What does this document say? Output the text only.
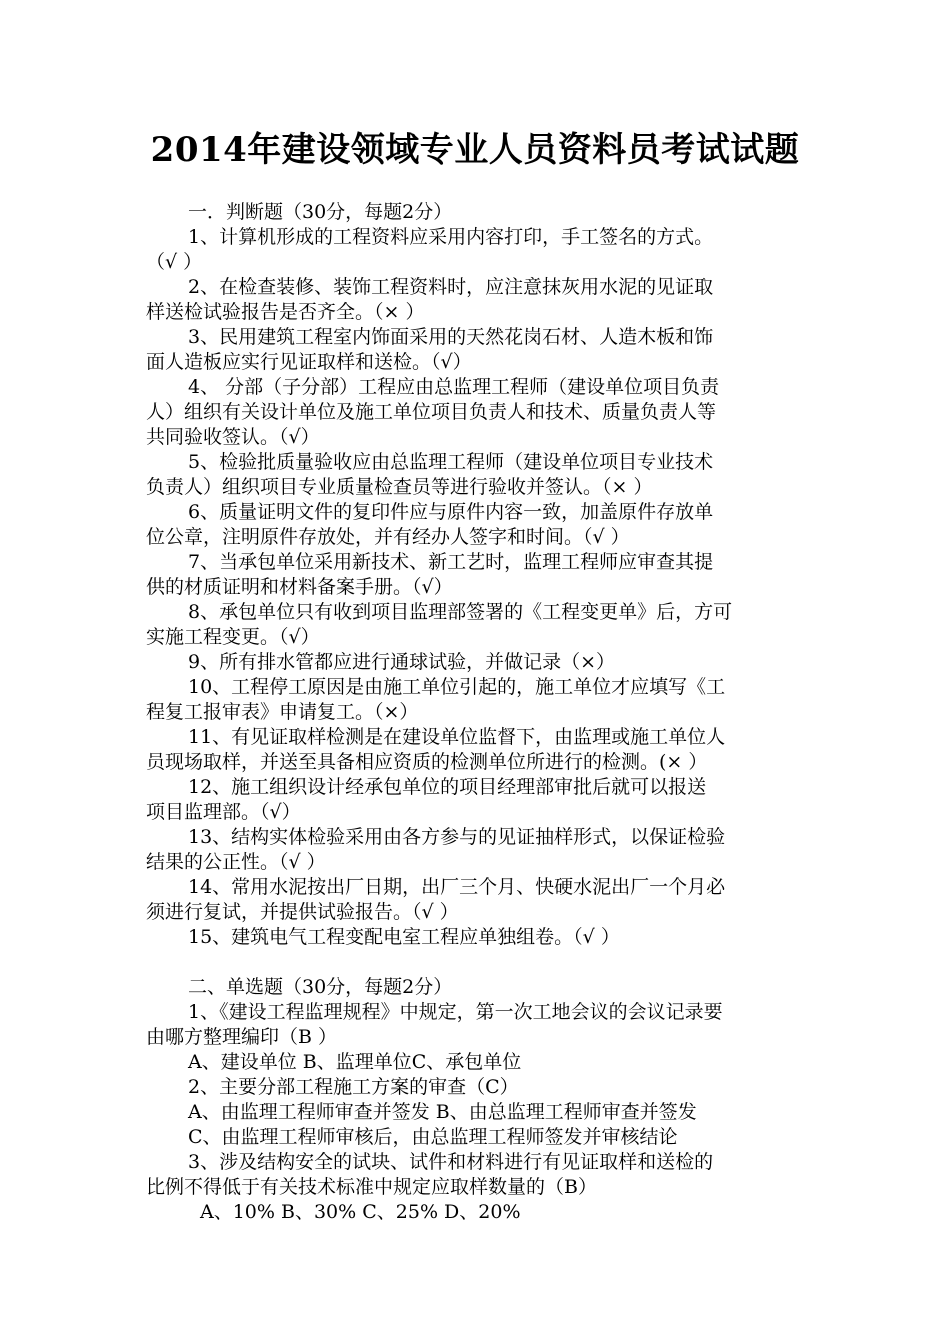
2014年建设领域专业人员资料员考试试题
一．判断题（30分，每题2分）
1、计算机形成的工程资料应采用内容打印，手工签名的方式。
（√ ）
2、在检查装修、装饰工程资料时，应注意抹灰用水泥的见证取
样送检试验报告是否齐全。（× ）
3、民用建筑工程室内饰面采用的天然花岗石材、人造木板和饰
面人造板应实行见证取样和送检。（√）
4、 分部（子分部）工程应由总监理工程师（建设单位项目负责
人）组织有关设计单位及施工单位项目负责人和技术、质量负责人等
共同验收签认。（√）
5、检验批质量验收应由总监理工程师（建设单位项目专业技术
负责人）组织项目专业质量检查员等进行验收并签认。（× ）
6、质量证明文件的复印件应与原件内容一致，加盖原件存放单
位公章，注明原件存放处，并有经办人签字和时间。（√ ）
7、当承包单位采用新技术、新工艺时，监理工程师应审查其提
供的材质证明和材料备案手册。（√）
8、承包单位只有收到项目监理部签署的《工程变更单》后，方可
实施工程变更。（√）
9、所有排水管都应进行通球试验，并做记录（×）
10、工程停工原因是由施工单位引起的，施工单位才应填写《工
程复工报审表》申请复工。（×）
11、有见证取样检测是在建设单位监督下，由监理或施工单位人
员现场取样，并送至具备相应资质的检测单位所进行的检测。(× ）
12、施工组织设计经承包单位的项目经理部审批后就可以报送
项目监理部。（√）
13、结构实体检验采用由各方参与的见证抽样形式，以保证检验
结果的公正性。（√ ）
14、常用水泥按出厂日期，出厂三个月、快硬水泥出厂一个月必
须进行复试，并提供试验报告。（√ ）
15、建筑电气工程变配电室工程应单独组卷。（√ ）
二、单选题（30分，每题2分）
1、《建设工程监理规程》中规定，第一次工地会议的会议记录要
由哪方整理编印（B ）
A、建设单位 B、监理单位C、承包单位
2、主要分部工程施工方案的审查（C）
A、由监理工程师审查并签发 B、由总监理工程师审查并签发
C、由监理工程师审核后，由总监理工程师签发并审核结论
3、涉及结构安全的试块、试件和材料进行有见证取样和送检的
比例不得低于有关技术标准中规定应取样数量的（B）
A、10% B、30% C、25% D、20%
